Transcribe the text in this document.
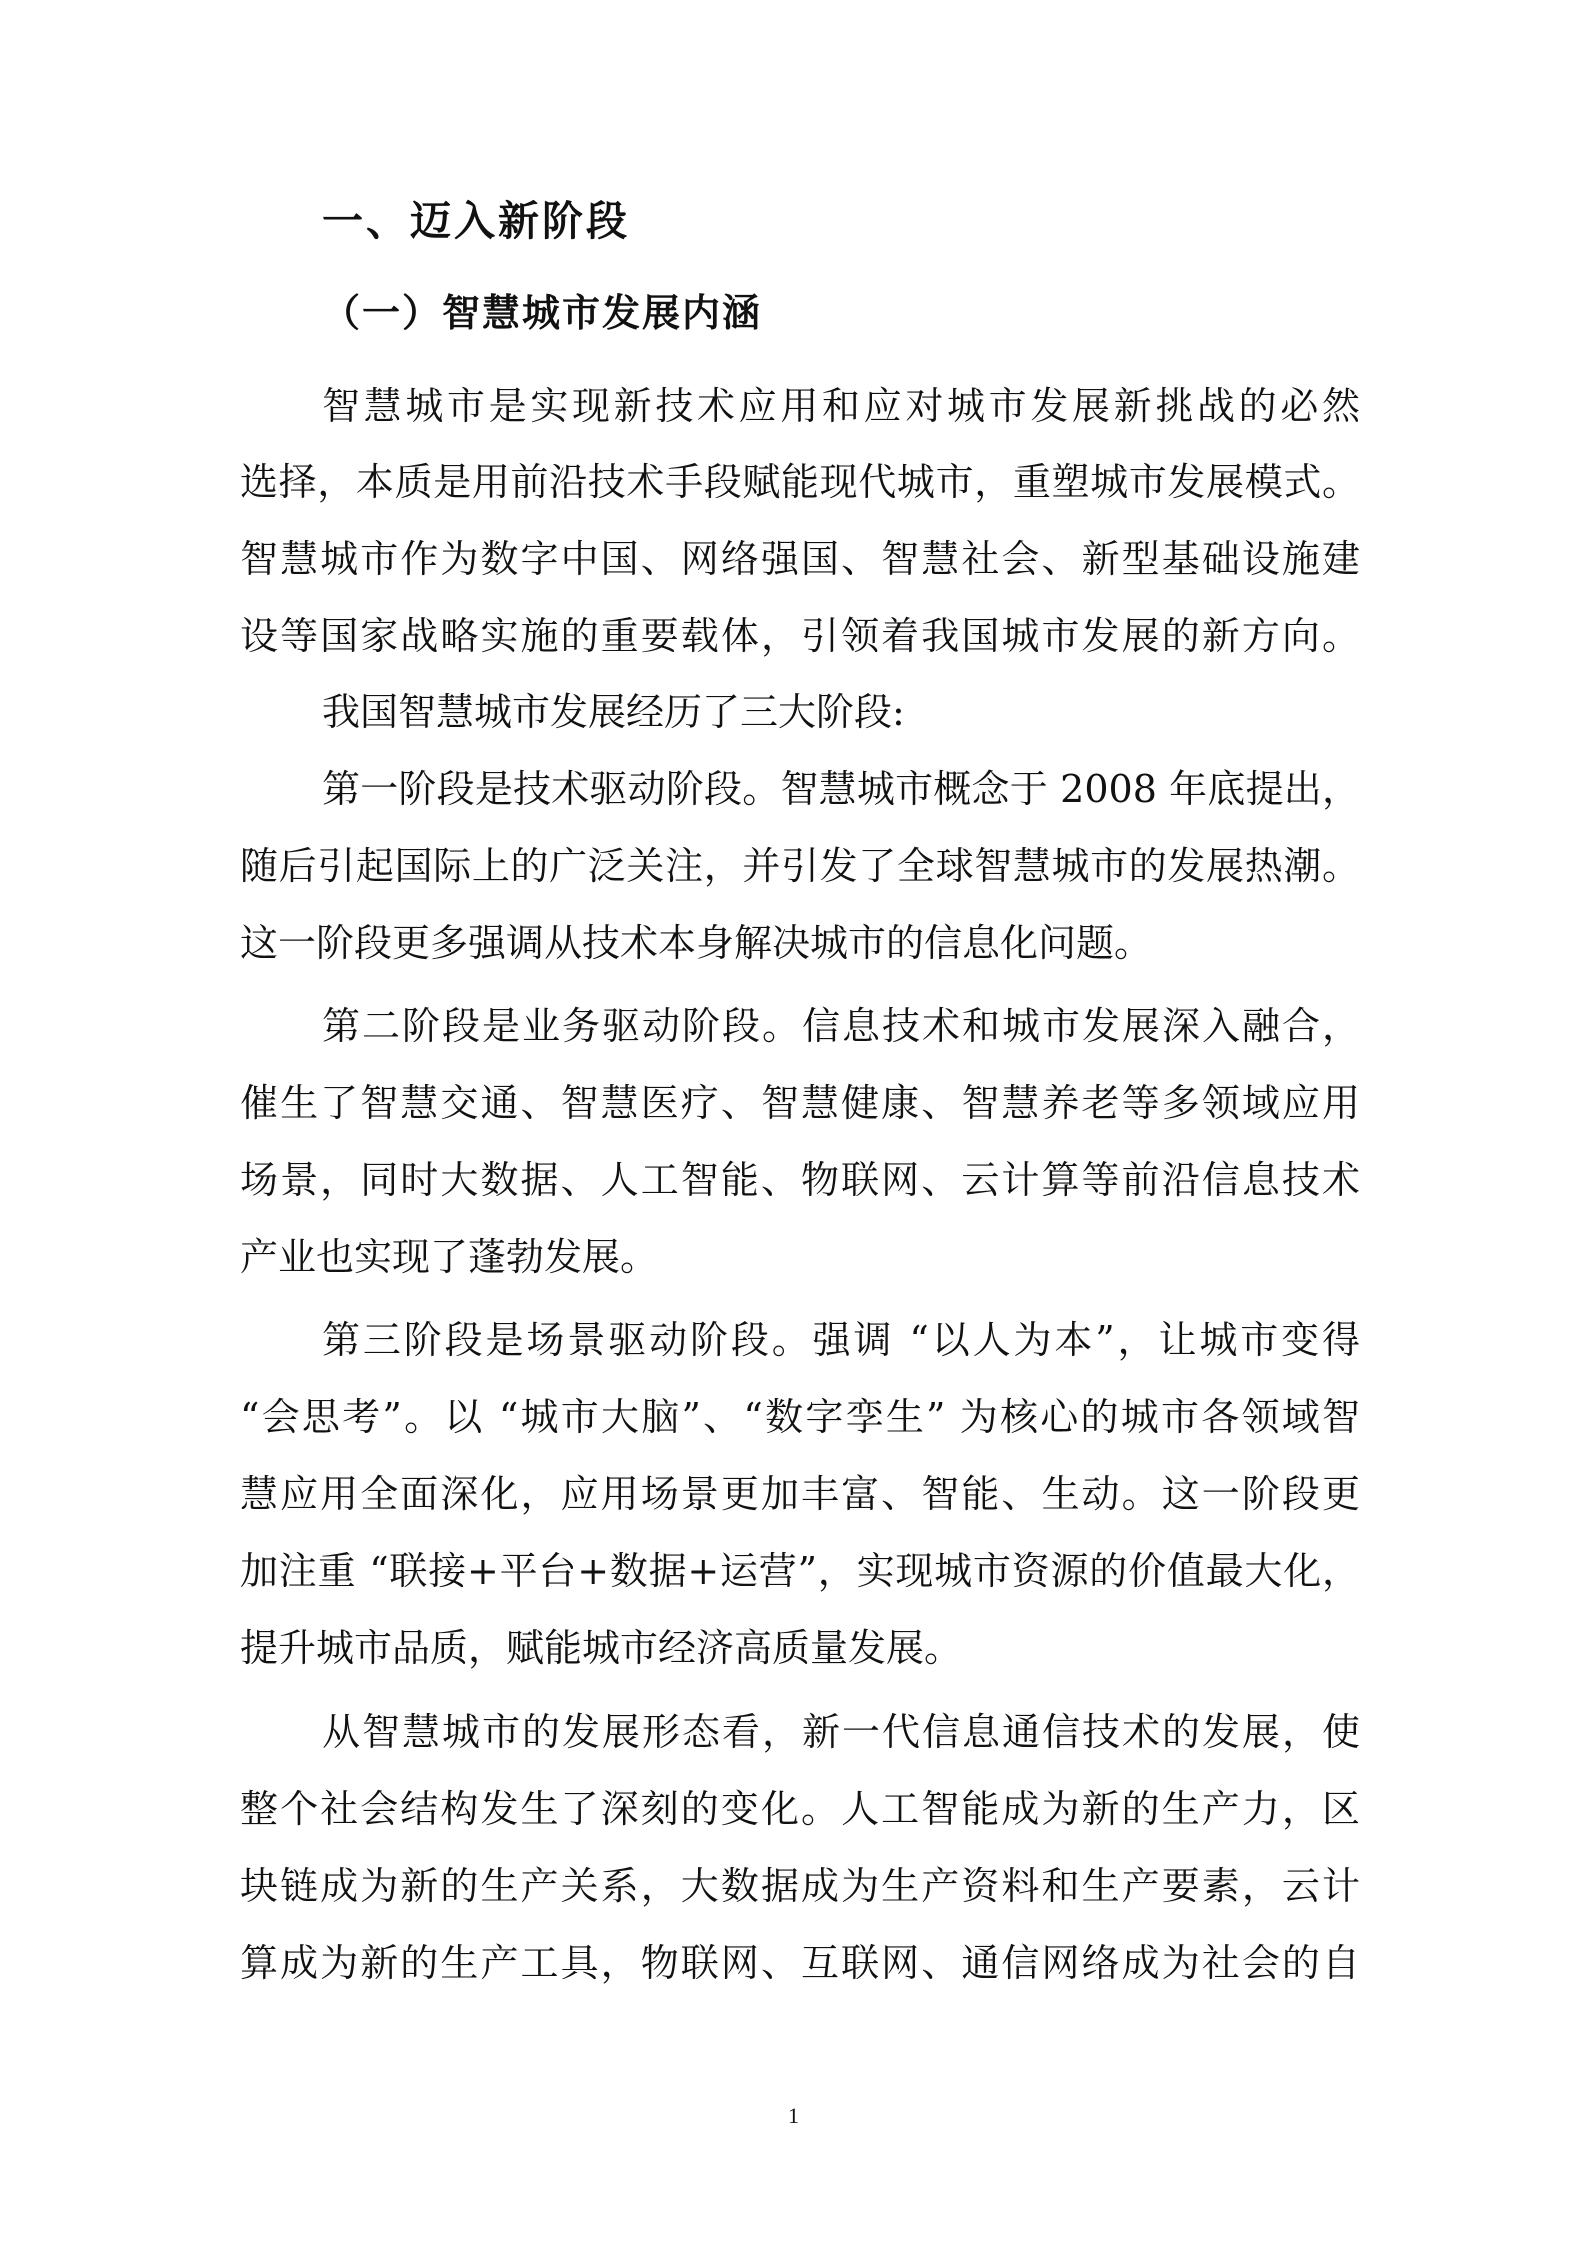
一、迈入新阶段
（一）智慧城市发展内涵
智慧城市是实现新技术应用和应对城市发展新挑战的必然
选择，本质是用前沿技术手段赋能现代城市，重塑城市发展模式。
智慧城市作为数字中国、网络强国、智慧社会、新型基础设施建
设等国家战略实施的重要载体，引领着我国城市发展的新方向。
我国智慧城市发展经历了三大阶段:
第一阶段是技术驱动阶段。智慧城市概念于 2008 年底提出，
随后引起国际上的广泛关注，并引发了全球智慧城市的发展热潮。
这一阶段更多强调从技术本身解决城市的信息化问题。
第二阶段是业务驱动阶段。信息技术和城市发展深入融合，
催生了智慧交通、智慧医疗、智慧健康、智慧养老等多领域应用
场景，同时大数据、人工智能、物联网、云计算等前沿信息技术
产业也实现了蓬勃发展。
第三阶段是场景驱动阶段。强调 “以人为本”，让城市变得
“会思考”。以 “城市大脑”、“数字孪生” 为核心的城市各领域智
慧应用全面深化，应用场景更加丰富、智能、生动。这一阶段更
加注重 “联接+平台+数据+运营”，实现城市资源的价值最大化，
提升城市品质，赋能城市经济高质量发展。
从智慧城市的发展形态看，新一代信息通信技术的发展，使
整个社会结构发生了深刻的变化。人工智能成为新的生产力，区
块链成为新的生产关系，大数据成为生产资料和生产要素，云计
算成为新的生产工具，物联网、互联网、通信网络成为社会的自
1
